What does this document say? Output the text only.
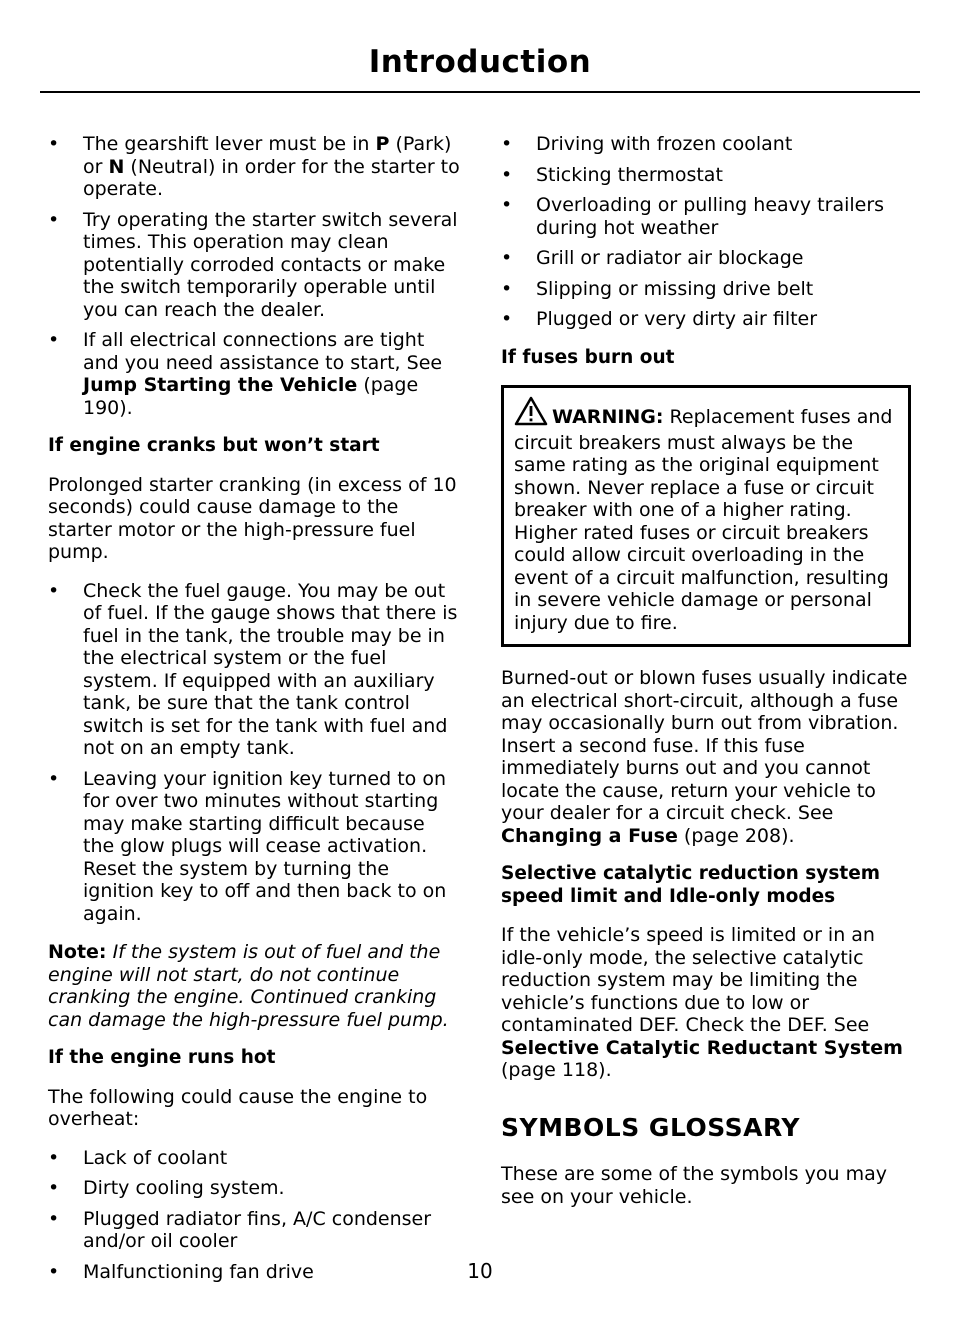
Introduction
• The gearshift lever must be in P (Park) or N (Neutral) in order for the starter to operate.
• Try operating the starter switch several times. This operation may clean potentially corroded contacts or make the switch temporarily operable until you can reach the dealer.
• If all electrical connections are tight and you need assistance to start, See Jump Starting the Vehicle (page 190).
If engine cranks but won’t start

Prolonged starter cranking (in excess of 10 seconds) could cause damage to the starter motor or the high-pressure fuel pump.

• Check the fuel gauge. You may be out of fuel. If the gauge shows that there is fuel in the tank, the trouble may be in the electrical system or the fuel system. If equipped with an auxiliary tank, be sure that the tank control switch is set for the tank with fuel and not on an empty tank.
• Leaving your ignition key turned to on for over two minutes without starting may make starting difficult because the glow plugs will cease activation. Reset the system by turning the ignition key to off and then back to on again.

Note: If the system is out of fuel and the engine will not start, do not continue cranking the engine. Continued cranking can damage the high-pressure fuel pump.

If the engine runs hot

The following could cause the engine to overheat:

• Lack of coolant
• Dirty cooling system.
• Plugged radiator fins, A/C condenser and/or oil cooler
• Malfunctioning fan drive
• Driving with frozen coolant
• Sticking thermostat
• Overloading or pulling heavy trailers during hot weather
• Grill or radiator air blockage
• Slipping or missing drive belt
• Plugged or very dirty air filter
If fuses burn out
WARNING: Replacement fuses and circuit breakers must always be the same rating as the original equipment shown. Never replace a fuse or circuit breaker with one of a higher rating. Higher rated fuses or circuit breakers could allow circuit overloading in the event of a circuit malfunction, resulting in severe vehicle damage or personal injury due to fire.

Burned-out or blown fuses usually indicate an electrical short-circuit, although a fuse may occasionally burn out from vibration. Insert a second fuse. If this fuse immediately burns out and you cannot locate the cause, return your vehicle to your dealer for a circuit check. See Changing a Fuse (page 208).

Selective catalytic reduction system speed limit and Idle-only modes

If the vehicle’s speed is limited or in an idle-only mode, the selective catalytic reduction system may be limiting the vehicle’s functions due to low or contaminated DEF. Check the DEF. See Selective Catalytic Reductant System (page 118).

SYMBOLS GLOSSARY

These are some of the symbols you may see on your vehicle.

10
